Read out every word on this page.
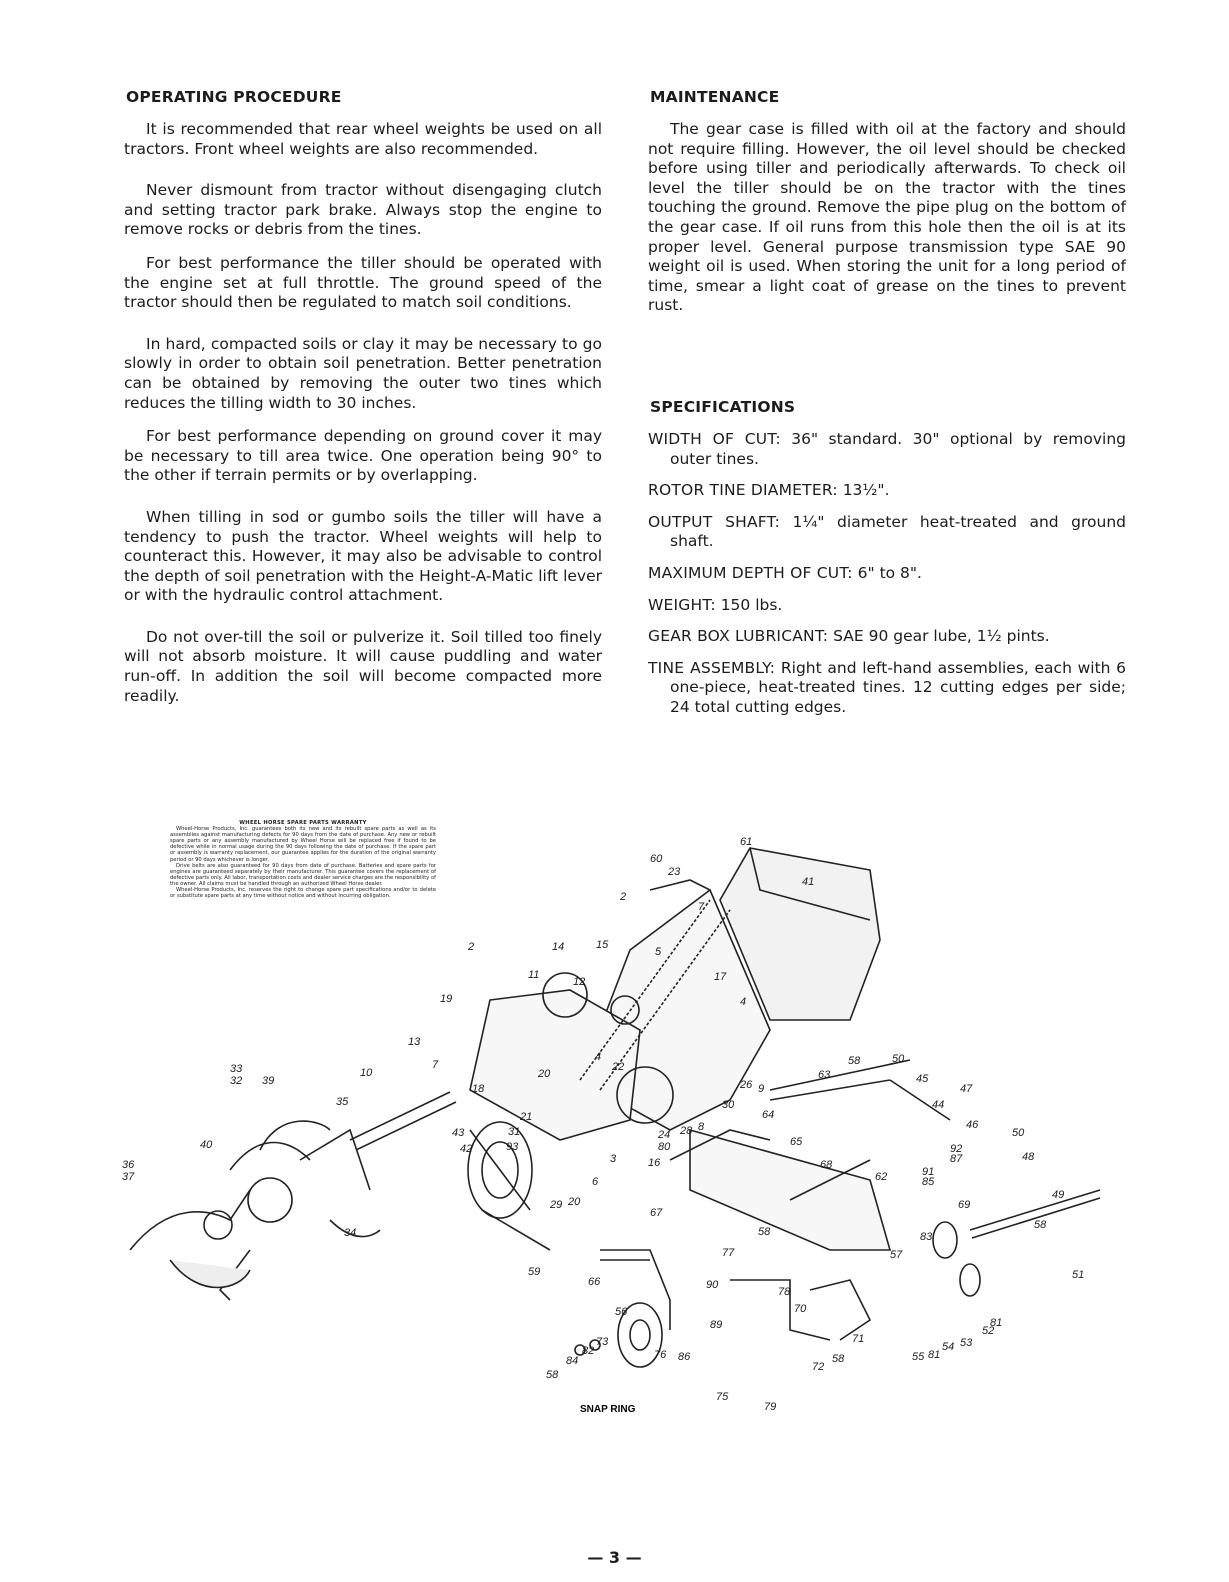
OPERATING PROCEDURE

It is recommended that rear wheel weights be used on all tractors. Front wheel weights are also recommended.

Never dismount from tractor without disengaging clutch and setting tractor park brake. Always stop the engine to remove rocks or debris from the tines.

For best performance the tiller should be operated with the engine set at full throttle. The ground speed of the tractor should then be regulated to match soil conditions.

In hard, compacted soils or clay it may be necessary to go slowly in order to obtain soil penetration. Better penetration can be obtained by removing the outer two tines which reduces the tilling width to 30 inches.

For best performance depending on ground cover it may be necessary to till area twice. One operation being 90° to the other if terrain permits or by overlapping.

When tilling in sod or gumbo soils the tiller will have a tendency to push the tractor. Wheel weights will help to counteract this. However, it may also be advisable to control the depth of soil penetration with the Height-A-Matic lift lever or with the hydraulic control attachment.

Do not over-till the soil or pulverize it. Soil tilled too finely will not absorb moisture. It will cause puddling and water run-off. In addition the soil will become compacted more readily.

MAINTENANCE

The gear case is filled with oil at the factory and should not require filling. However, the oil level should be checked before using tiller and periodically afterwards. To check oil level the tiller should be on the tractor with the tines touching the ground. Remove the pipe plug on the bottom of the gear case. If oil runs from this hole then the oil is at its proper level. General purpose transmission type SAE 90 weight oil is used. When storing the unit for a long period of time, smear a light coat of grease on the tines to prevent rust.

SPECIFICATIONS
WIDTH OF CUT: 36" standard. 30" optional by removing outer tines.
ROTOR TINE DIAMETER: 13½".
OUTPUT SHAFT: 1¼" diameter heat-treated and ground shaft.
MAXIMUM DEPTH OF CUT: 6" to 8".
WEIGHT: 150 lbs.
GEAR BOX LUBRICANT: SAE 90 gear lube, 1½ pints.
TINE ASSEMBLY: Right and left-hand assemblies, each with 6 one-piece, heat-treated tines. 12 cutting edges per side; 24 total cutting edges.
61
60
23
41
2
7
5
17
4
2	14	15
11
12
19
13
33
32 39
10
7
18
20
22
4
35
21
31
93
26 9
63
58	50
45
47
30
64
44
46
50
65
40
43
42
24
80
28 8
3	16
6
68
92
87	48
36
37
20
29
62
49
91
85
67
58
69
58
34
59
83
57
51
77
66	90
78
70
89	81
52
56
73
82
84
58
86
76
71
58
72
55 81
54 53
75
79
SNAP RING
WHEEL HORSE SPARE PARTS WARRANTY

Wheel-Horse Products, Inc. guarantees both its new and its rebuilt spare parts as well as its assemblies against manufacturing defects for 90 days from the date of purchase. Any new or rebuilt spare parts or any assembly manufactured by Wheel Horse will be replaced free if found to be defective while in normal usage during the 90 days following the date of purchase. If the spare part or assembly is warranty replacement, our guarantee applies for the duration of the original warranty period or 90 days whichever is longer.

Drive belts are also guaranteed for 90 days from date of purchase. Batteries and spare parts for engines are guaranteed separately by their manufacturer. This guarantee covers the replacement of defective parts only. All labor, transportation costs and dealer service charges are the responsibility of the owner. All claims must be handled through an authorized Wheel Horse dealer.

Wheel-Horse Products, Inc. reserves the right to change spare part specifications and/or to delete or substitute spare parts at any time without notice and without incurring obligation.

— 3 —
